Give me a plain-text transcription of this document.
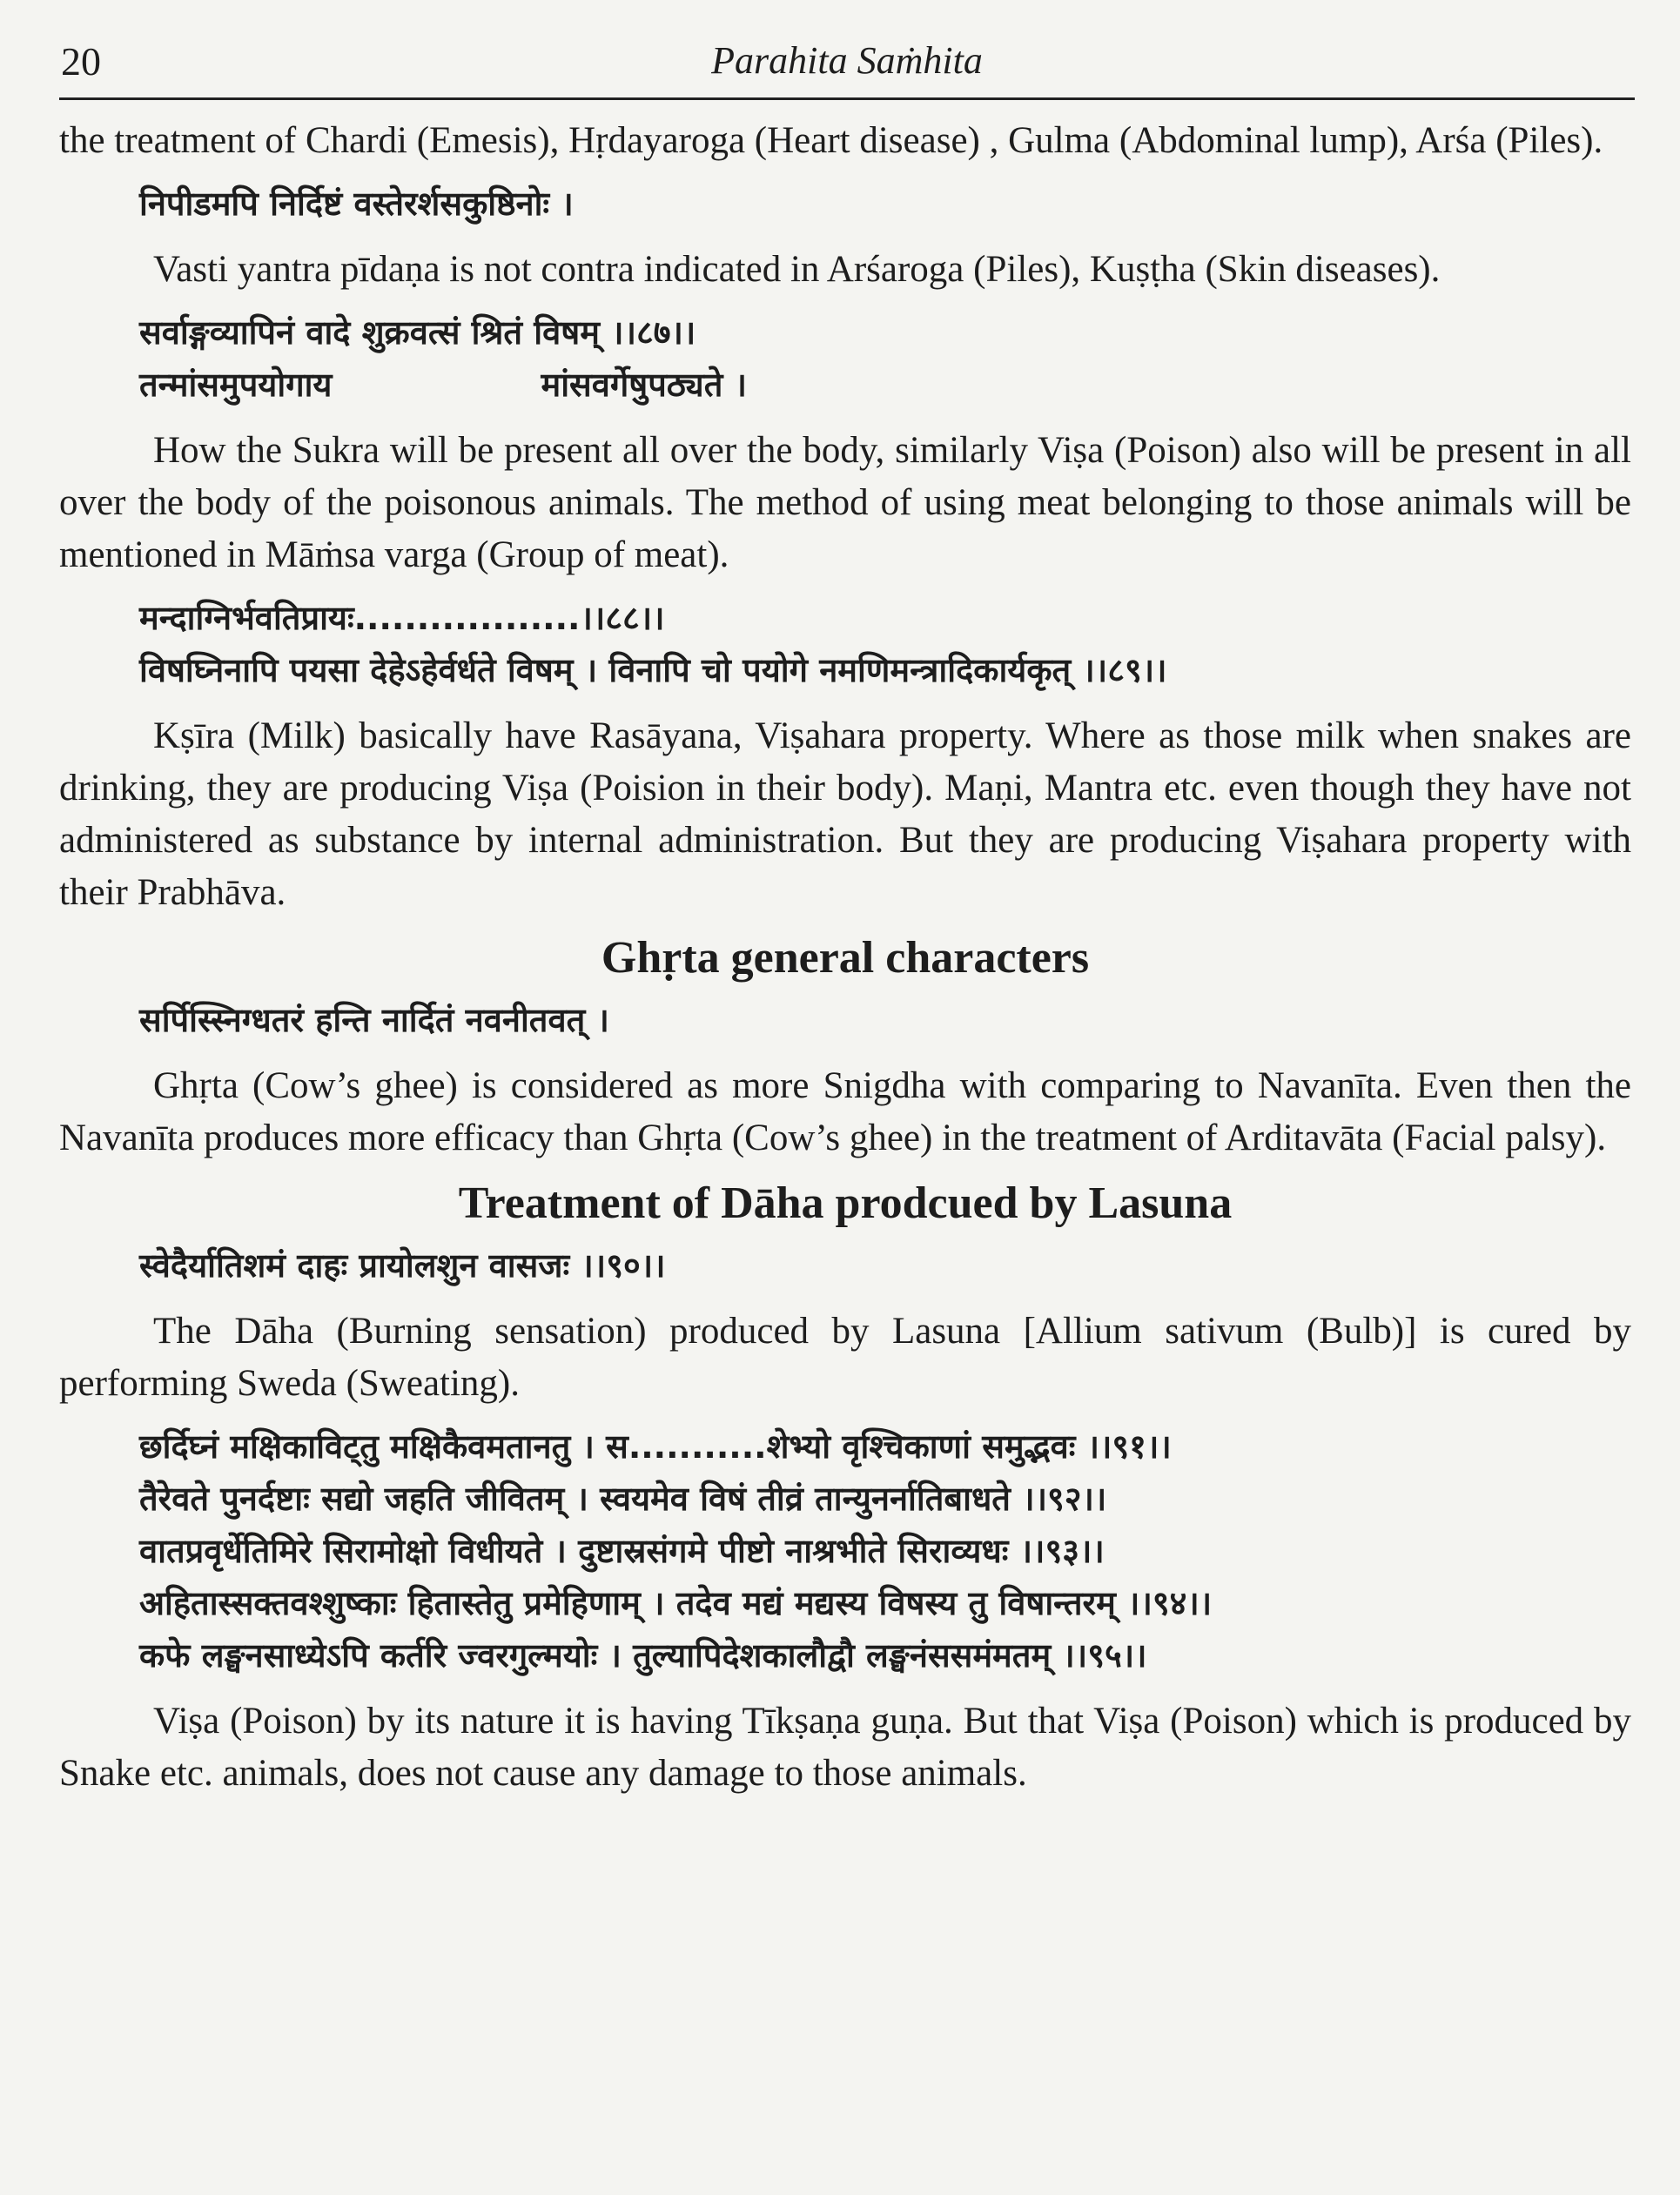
20	Parahita Saṁhita

the treatment of Chardi (Emesis), Hṛdayaroga (Heart disease) , Gulma (Abdominal lump), Arśa (Piles).

निपीडमपि निर्दिष्टं वस्तेरर्शसकुष्ठिनोः ।

Vasti yantra pīdaṇa is not contra indicated in Arśaroga (Piles), Kuṣṭha (Skin diseases).

सर्वाङ्गव्यापिनं वादे शुक्रवत्सं श्रितं विषम् ।।८७।।
तन्मांसमुपयोगाय	मांसवर्गेषुपठ्यते ।

How the Sukra will be present all over the body, similarly Viṣa (Poison) also will be present in all over the body of the poisonous animals. The method of using meat belonging to those animals will be mentioned in Māṁsa varga (Group of meat).

मन्दाग्निर्भवतिप्रायः..................।।८८।।
विषघ्निनापि पयसा देहेऽहेर्वर्धते विषम् । विनापि चो पयोगे नमणिमन्त्रादिकार्यकृत् ।।८९।।

Kṣīra (Milk) basically have Rasāyana, Viṣahara property. Where as those milk when snakes are drinking, they are producing Viṣa (Poision in their body). Maṇi, Mantra etc. even though they have not administered as substance by internal administration. But they are producing Viṣahara property with their Prabhāva.

Ghṛta general characters
सर्पिस्स्निग्धतरं हन्ति नार्दितं नवनीतवत् ।

Ghṛta (Cow’s ghee) is considered as more Snigdha with comparing to Navanīta. Even then the Navanīta produces more efficacy than Ghṛta (Cow’s ghee) in the treatment of Arditavāta (Facial palsy).

Treatment of Dāha prodcued by Lasuna
स्वेदैर्यातिशमं दाहः प्रायोलशुन वासजः ।।९०।।

The Dāha (Burning sensation) produced by Lasuna [Allium sativum (Bulb)] is cured by performing Sweda (Sweating).

छर्दिघ्नं मक्षिकाविट्तु मक्षिकैवमतानतु । स...........शेभ्यो वृश्चिकाणां समुद्भवः ।।९१।।
तैरेवते पुनर्दष्टाः सद्यो जहति जीवितम् । स्वयमेव विषं तीव्रं तान्युनर्नातिबाधते ।।९२।।
वातप्रवृर्धेतिमिरे सिरामोक्षो विधीयते । दुष्टास्रसंगमे पीष्टो नाश्रभीते सिराव्यधः ।।९३।।
अहितास्सक्तवश्शुष्काः हितास्तेतु प्रमेहिणाम् । तदेव मद्यं मद्यस्य विषस्य तु विषान्तरम् ।।९४।।
कफे लङ्घनसाध्येऽपि कर्तरि ज्वरगुल्मयोः । तुल्यापिदेशकालौद्वौ लङ्घनंससमंमतम् ।।९५।।

Viṣa (Poison) by its nature it is having Tīkṣaṇa guṇa. But that Viṣa (Poison) which is produced by Snake etc. animals, does not cause any damage to those animals.
